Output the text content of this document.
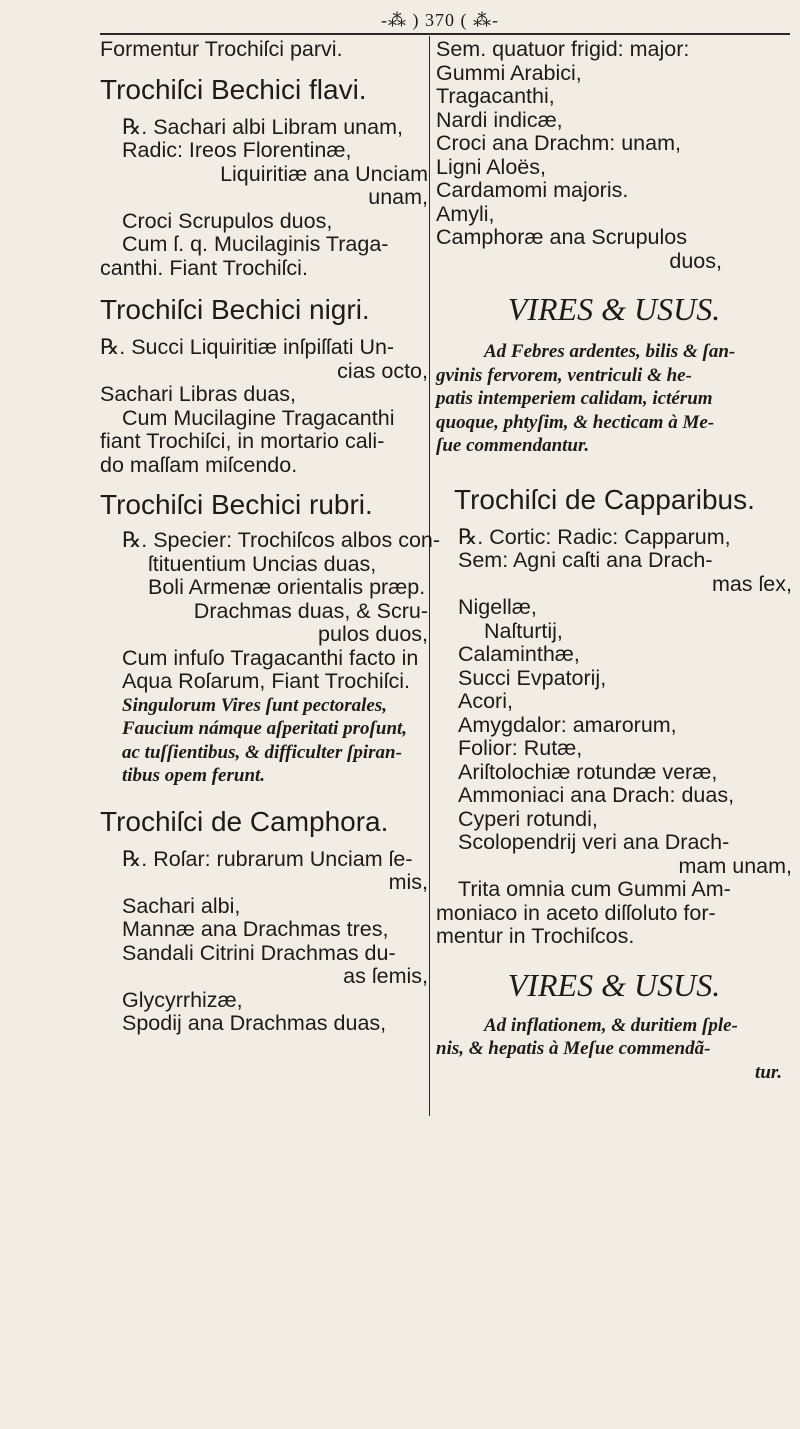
‑⁂ ) 370 ( ⁂‑
Formentur Trochiſci parvi.
Trochiſci Bechici flavi.
℞. Sachari albi Libram unam,
Radic: Ireos Florentinæ,
Liquiritiæ ana Unciam
unam,
Croci Scrupulos duos,
Cum ſ. q. Mucilaginis Traga-
canthi. Fiant Trochiſci.
Trochiſci Bechici nigri.
℞. Succi Liquiritiæ inſpiſſati Un-
cias octo,
Sachari Libras duas,
Cum Mucilagine Tragacanthi
fiant Trochiſci, in mortario cali-
do maſſam miſcendo.
Trochiſci Bechici rubri.
℞. Specier: Trochiſcos albos con-
ſtituentium Uncias duas,
Boli Armenæ orientalis præp.
Drachmas duas, & Scru-
pulos duos,
Cum infuſo Tragacanthi facto in
Aqua Roſarum, Fiant Trochiſci.
Singulorum Vires ſunt pectorales,
Faucium námque aſperitati proſunt,
ac tuſſientibus, & difficulter ſpiran-
tibus opem ferunt.
Trochiſci de Camphora.
℞. Roſar: rubrarum Unciam ſe-
mis,
Sachari albi,
Mannæ ana Drachmas tres,
Sandali Citrini Drachmas du-
as ſemis,
Glycyrrhizæ,
Spodij ana Drachmas duas,
Sem. quatuor frigid: major:
Gummi Arabici,
Tragacanthi,
Nardi indicæ,
Croci ana Drachm: unam,
Ligni Aloës,
Cardamomi majoris.
Amyli,
Camphoræ ana Scrupulos
duos,
VIRES & USUS.
Ad Febres ardentes, bilis & ſan-
gvinis fervorem, ventriculi & he-
patis intemperiem calidam, ictérum
quoque, phtyſim, & hecticam à Me-
ſue commendantur.
Trochiſci de Capparibus.
℞. Cortic: Radic: Capparum,
Sem: Agni caſti ana Drach-
mas ſex,
Nigellæ,
Naſturtij,
Calaminthæ,
Succi Evpatorij,
Acori,
Amygdalor: amarorum,
Folior: Rutæ,
Ariſtolochiæ rotundæ veræ,
Ammoniaci ana Drach: duas,
Cyperi rotundi,
Scolopendrij veri ana Drach-
mam unam,
Trita omnia cum Gummi Am-
moniaco in aceto diſſoluto for-
mentur in Trochiſcos.
VIRES & USUS.
Ad inflationem, & duritiem ſple-
nis, & hepatis à Meſue commendã-
tur.
